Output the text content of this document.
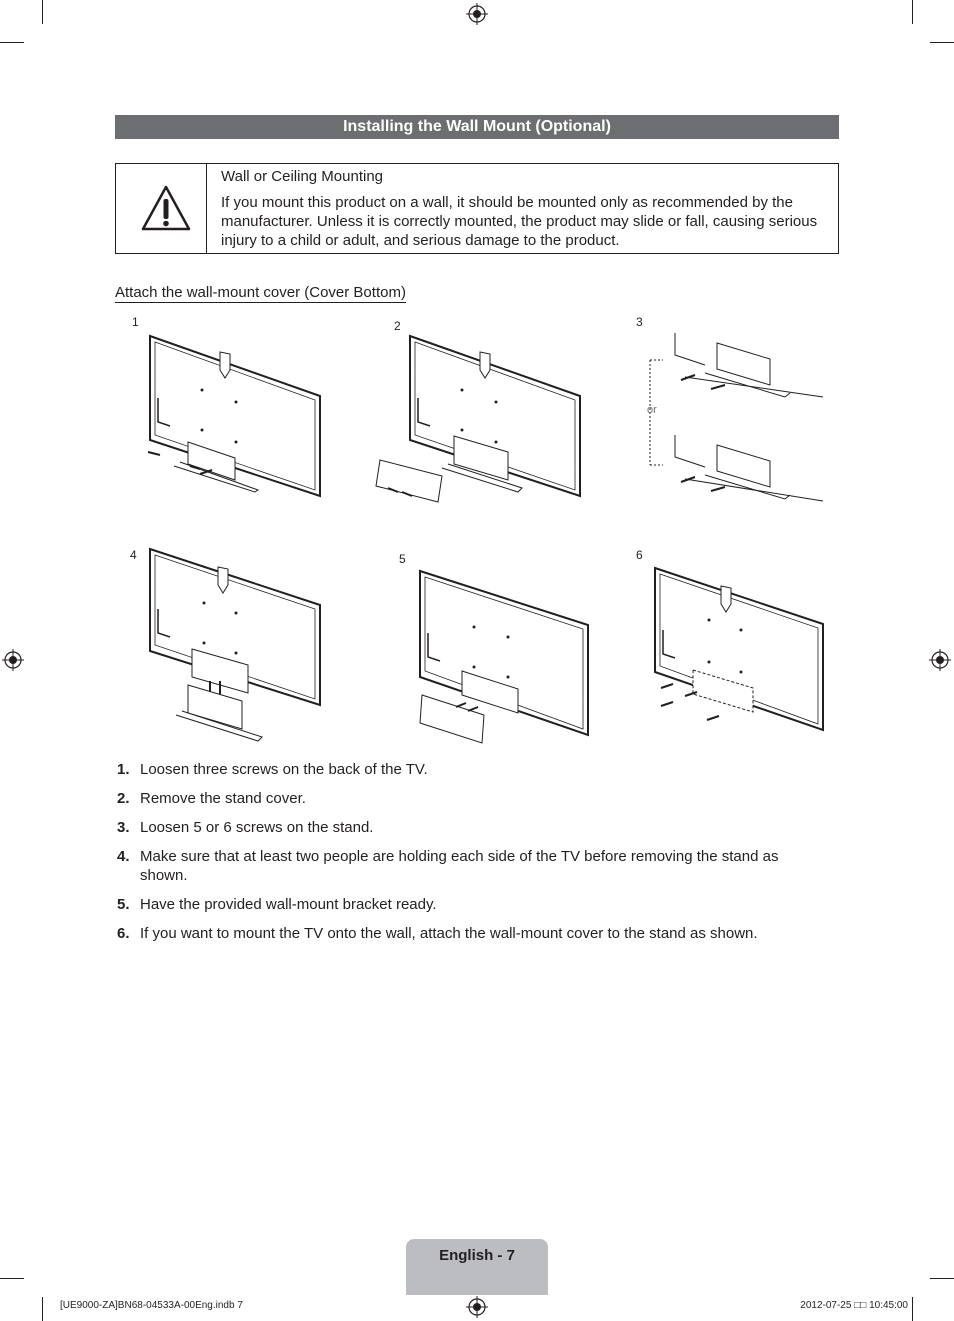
Installing the Wall Mount (Optional)
Wall or Ceiling Mounting
If you mount this product on a wall, it should be mounted only as recommended by the manufacturer. Unless it is correctly mounted, the product may slide or fall, causing serious injury to a child or adult, and serious damage to the product.
Attach the wall-mount cover (Cover Bottom)
1	2	3
4	5	6
or
1. Loosen three screws on the back of the TV.
2. Remove the stand cover.
3. Loosen 5 or 6 screws on the stand.
4. Make sure that at least two people are holding each side of the TV before removing the stand as shown.
5. Have the provided wall-mount bracket ready.
6. If you want to mount the TV onto the wall, attach the wall-mount cover to the stand as shown.
English - 7
[UE9000-ZA]BN68-04533A-00Eng.indb 7	2012-07-25 □□ 10:45:00
